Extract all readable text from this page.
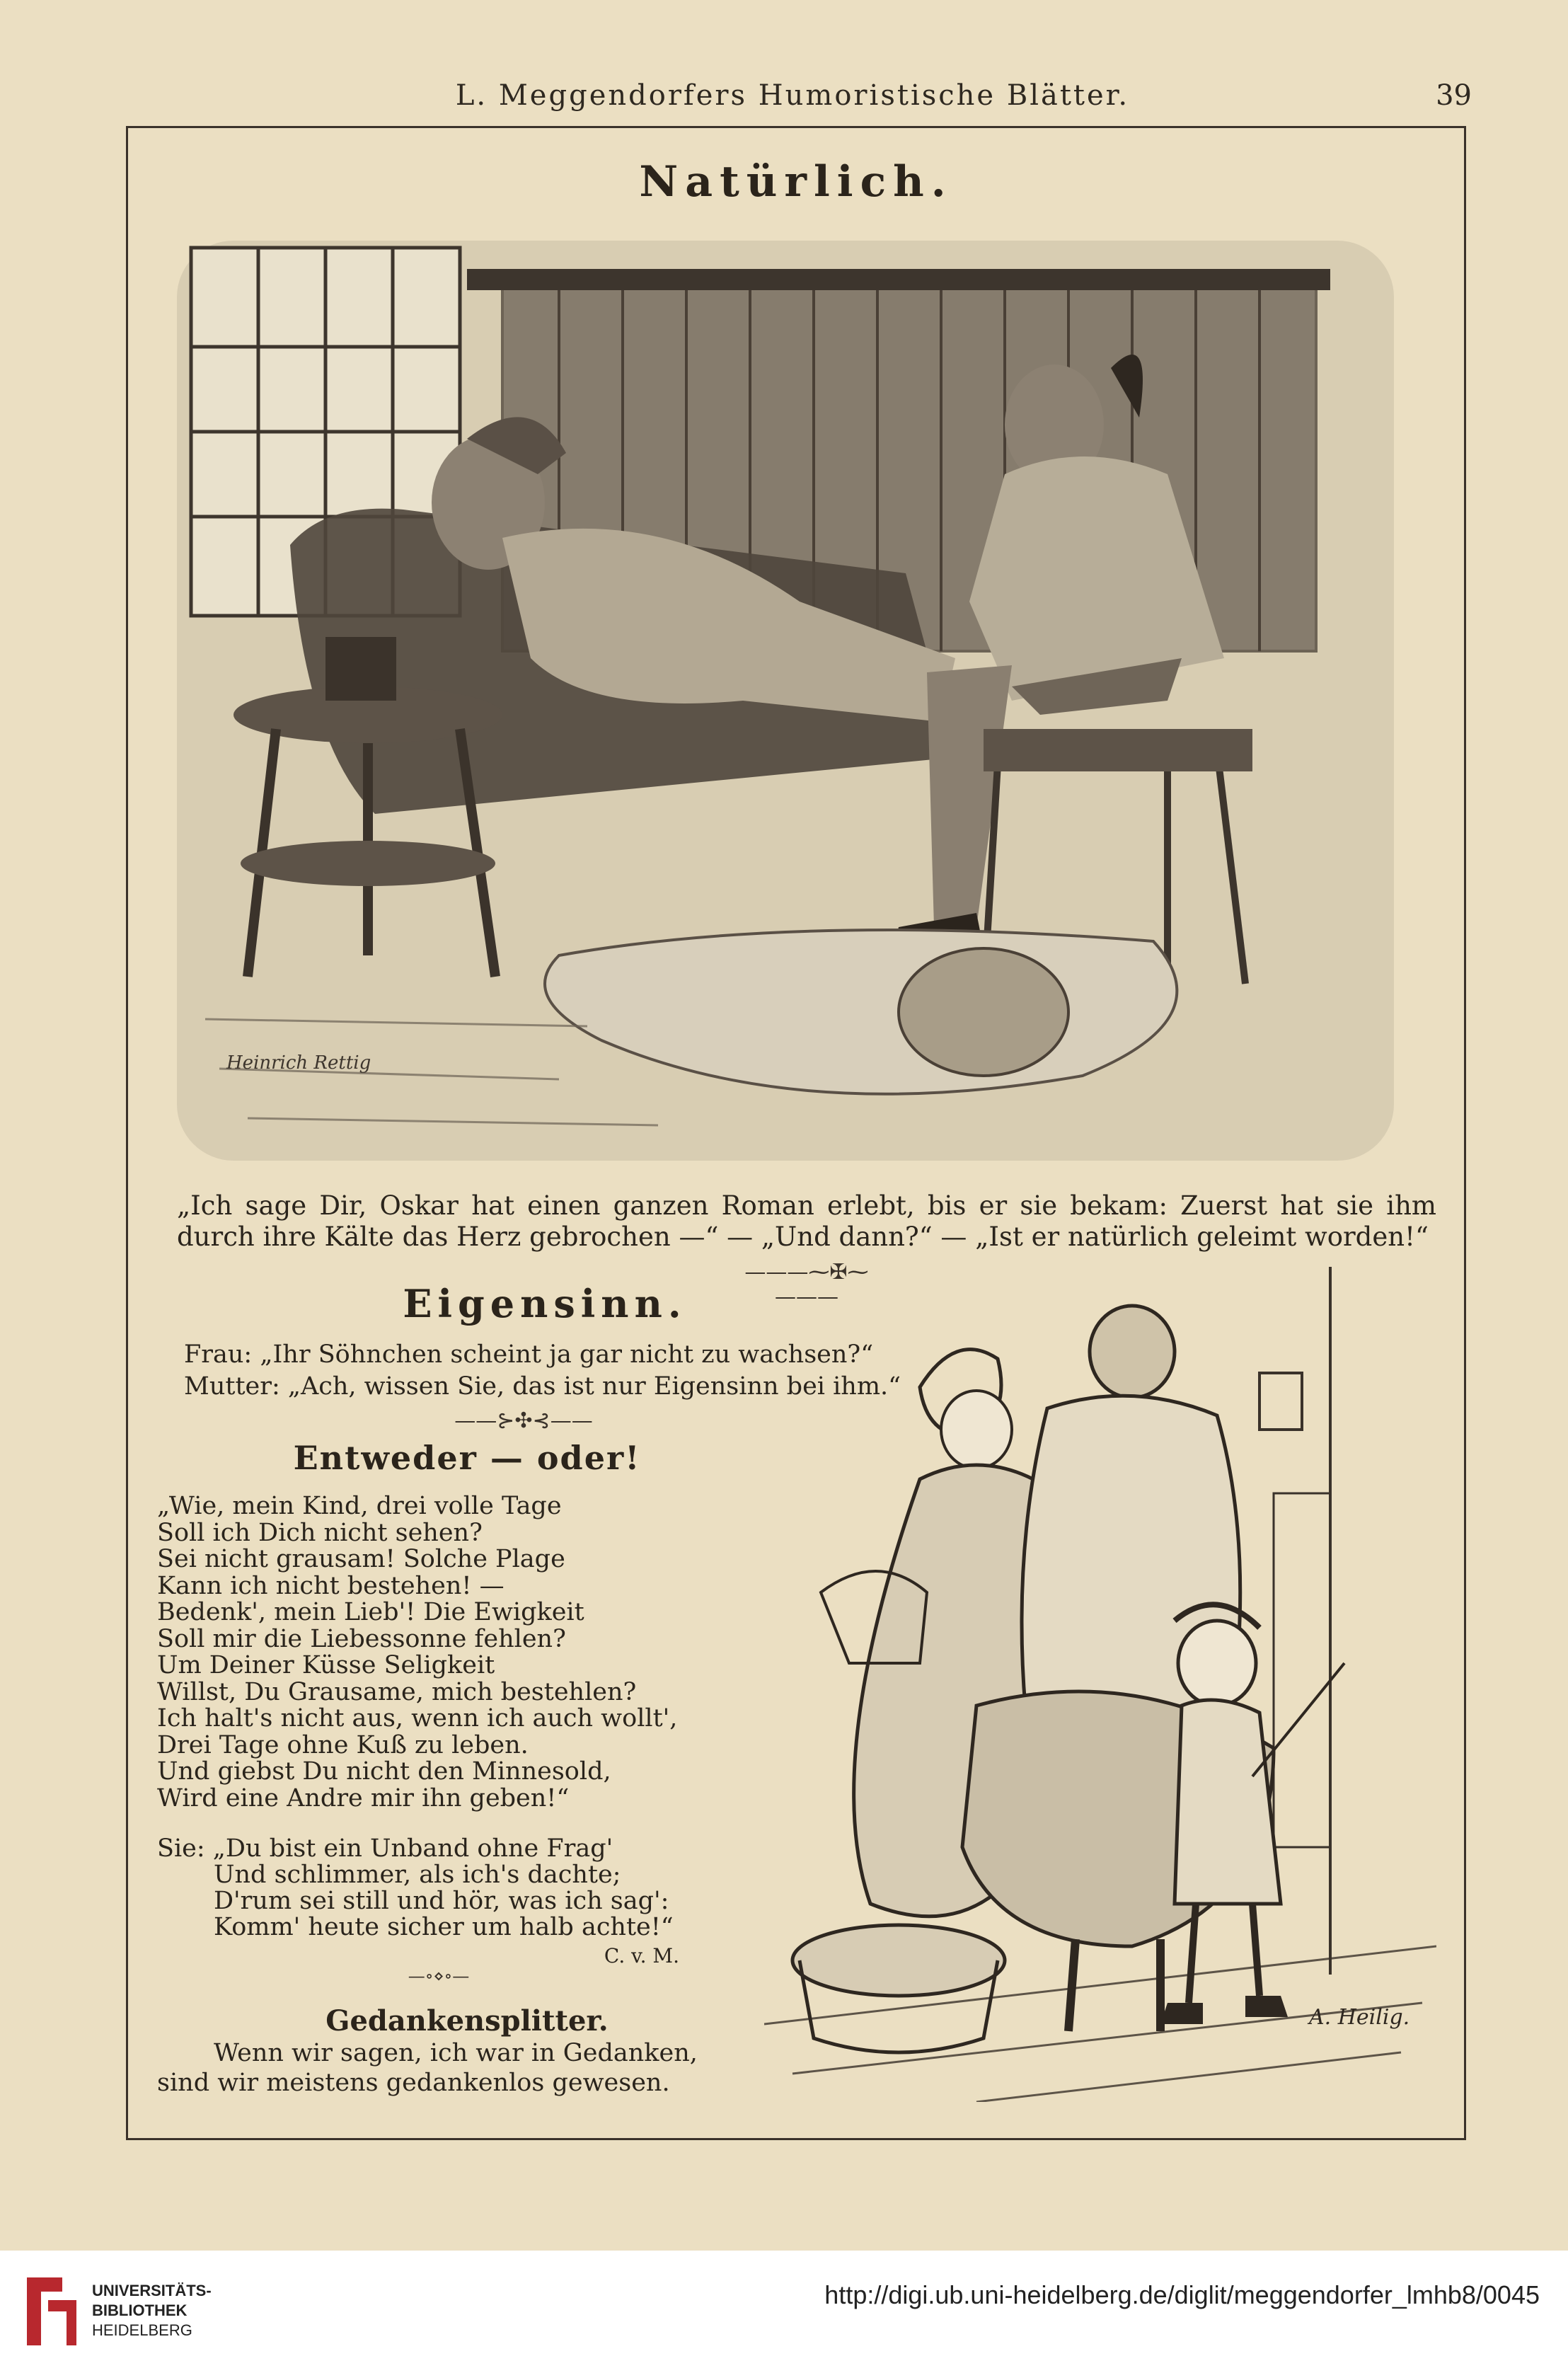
L. Meggendorfers Humoristische Blätter.	39
Natürlich.
Heinrich Rettig
„Ich sage Dir, Oskar hat einen ganzen Roman erlebt, bis er sie bekam: Zuerst hat sie ihm durch ihre Kälte das Herz gebrochen —“ — „Und dann?“ — „Ist er natürlich geleimt worden!“
———⁓✠⁓———
Eigensinn.
Frau: „Ihr Söhnchen scheint ja gar nicht zu wachsen?“
Mutter: „Ach, wissen Sie, das ist nur Eigensinn bei ihm.“
——⊱✣⊰——
Entweder — oder!
„Wie, mein Kind, drei volle Tage
Soll ich Dich nicht sehen?
Sei nicht grausam! Solche Plage
Kann ich nicht bestehen! —
Bedenk', mein Lieb'! Die Ewigkeit
Soll mir die Liebessonne fehlen?
Um Deiner Küsse Seligkeit
Willst, Du Grausame, mich bestehlen?
Ich halt's nicht aus, wenn ich auch wollt',
Drei Tage ohne Kuß zu leben.
Und giebst Du nicht den Minnesold,
Wird eine Andre mir ihn geben!“
Sie: „Du bist ein Unband ohne Frag'
Und schlimmer, als ich's dachte;
D'rum sei still und hör, was ich sag':
Komm' heute sicher um halb achte!“
C. v. M.
—∘⋄∘—
Gedankensplitter.
Wenn wir sagen, ich war in Gedanken, sind wir meistens gedankenlos gewesen.
A. Heilig.
UNIVERSITÄTS-
BIBLIOTHEK
HEIDELBERG
http://digi.ub.uni-heidelberg.de/diglit/meggendorfer_lmhb8/0045
